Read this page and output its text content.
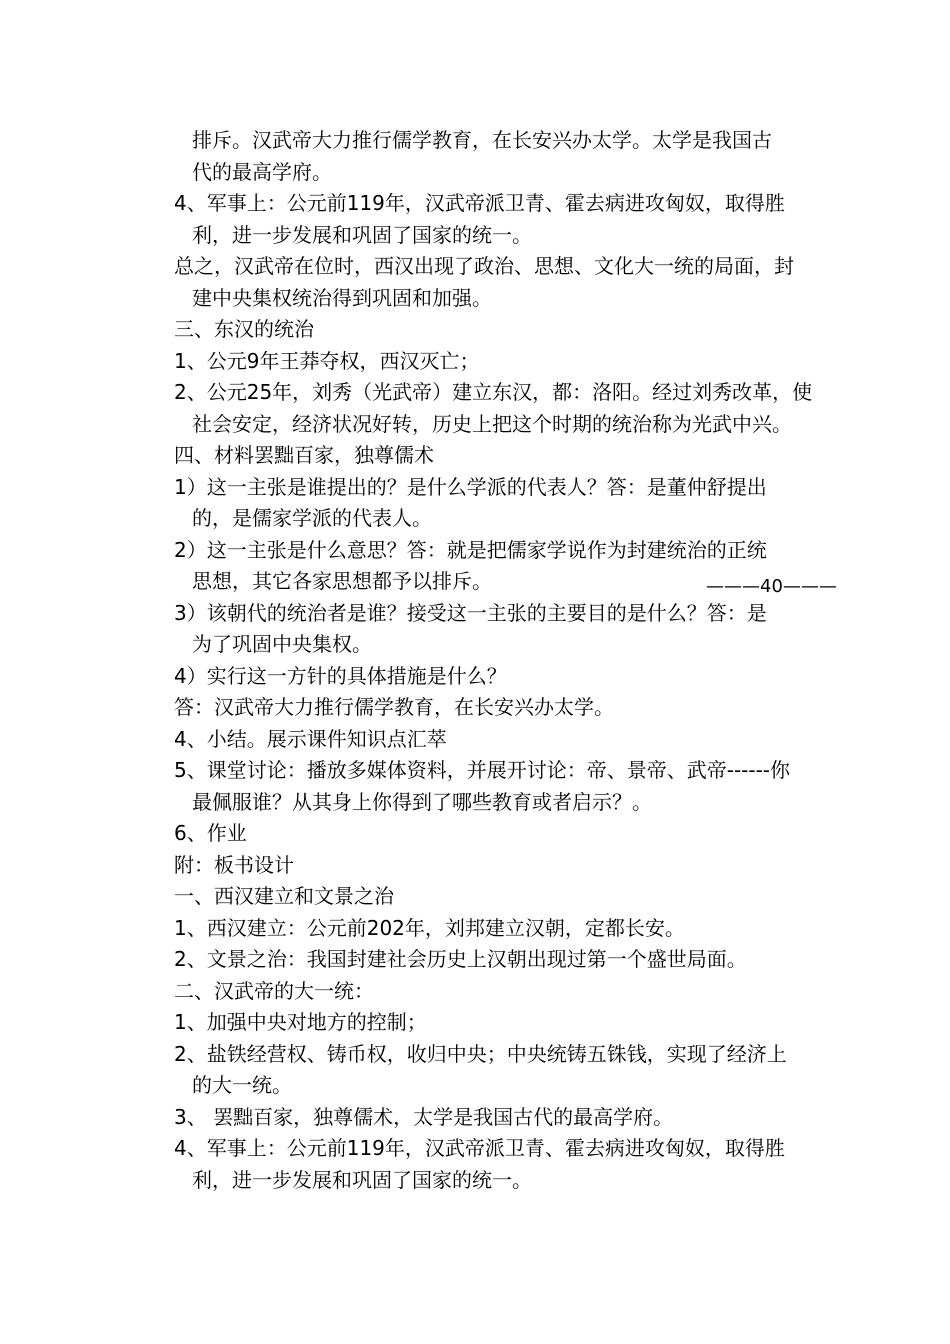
排斥。汉武帝大力推行儒学教育，在长安兴办太学。太学是我国古
代的最高学府。
4、军事上：公元前119年，汉武帝派卫青、霍去病进攻匈奴，取得胜
利，进一步发展和巩固了国家的统一。
总之，汉武帝在位时，西汉出现了政治、思想、文化大一统的局面，封
建中央集权统治得到巩固和加强。
三、东汉的统治
1、公元9年王莽夺权，西汉灭亡；
2、公元25年，刘秀（光武帝）建立东汉，都：洛阳。经过刘秀改革，使
社会安定，经济状况好转，历史上把这个时期的统治称为光武中兴。
四、材料罢黜百家，独尊儒术
1）这一主张是谁提出的？是什么学派的代表人？答：是董仲舒提出
的，是儒家学派的代表人。
2）这一主张是什么意思？答：就是把儒家学说作为封建统治的正统
思想，其它各家思想都予以排斥。
3）该朝代的统治者是谁？接受这一主张的主要目的是什么？答：是
为了巩固中央集权。
4）实行这一方针的具体措施是什么？
答：汉武帝大力推行儒学教育，在长安兴办太学。
4、小结。展示课件知识点汇萃
5、课堂讨论：播放多媒体资料，并展开讨论：帝、景帝、武帝------你
最佩服谁？从其身上你得到了哪些教育或者启示？。
6、作业
附：板书设计
一、西汉建立和文景之治
1、西汉建立：公元前202年，刘邦建立汉朝，定都长安。
2、文景之治：我国封建社会历史上汉朝出现过第一个盛世局面。
二、汉武帝的大一统：
1、加强中央对地方的控制；
2、盐铁经营权、铸币权，收归中央；中央统铸五铢钱，实现了经济上
的大一统。
3、 罢黜百家，独尊儒术，太学是我国古代的最高学府。
4、军事上：公元前119年，汉武帝派卫青、霍去病进攻匈奴，取得胜
利，进一步发展和巩固了国家的统一。
———40———
